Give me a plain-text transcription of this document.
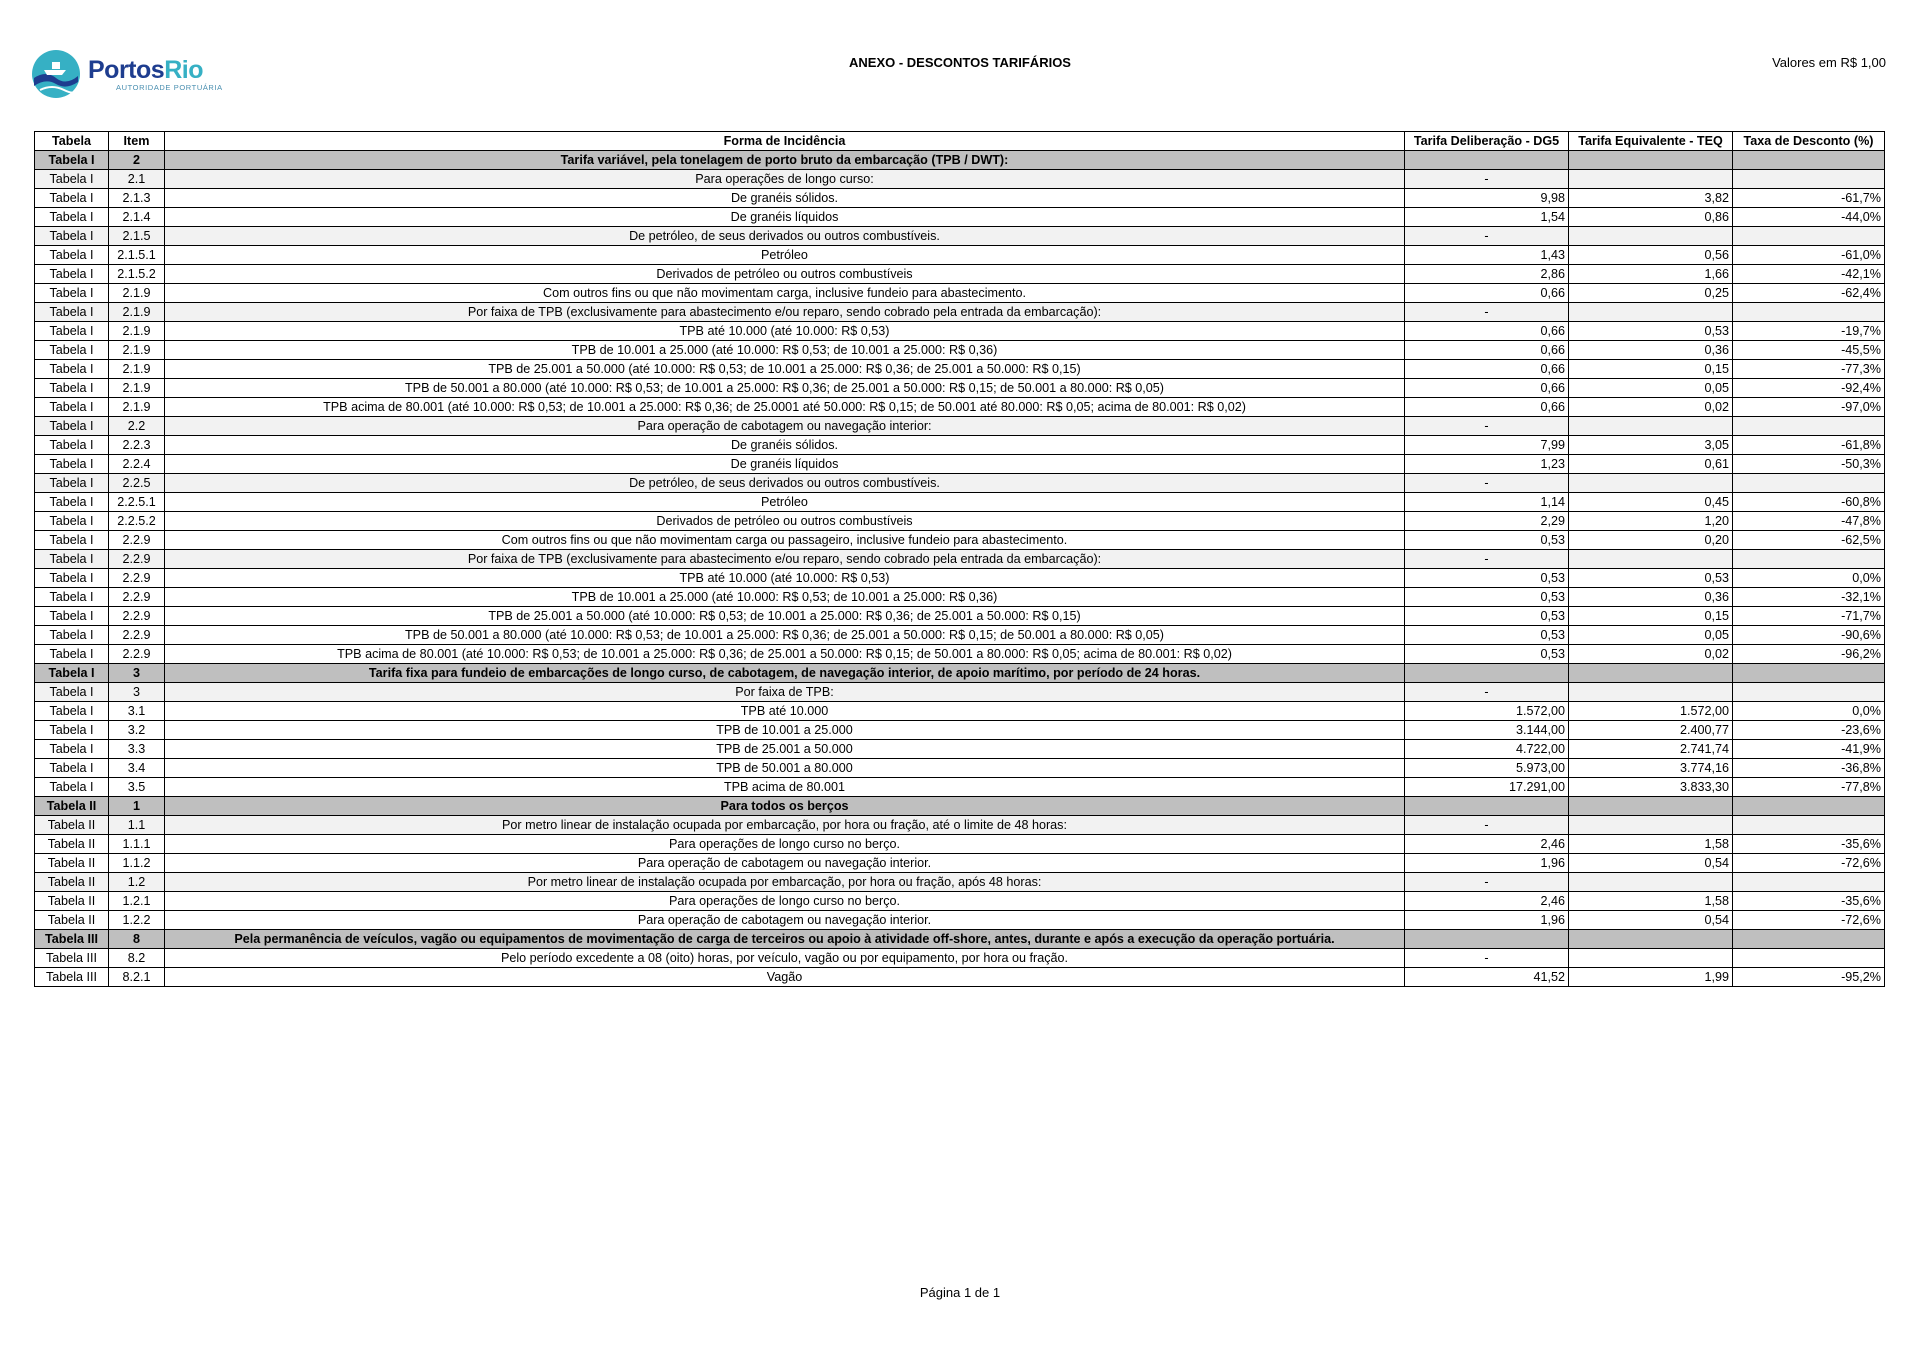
PortosRio
AUTORIDADE PORTUÁRIA
ANEXO - DESCONTOS TARIFÁRIOS	Valores em R$ 1,00
Tabela	Item	Forma de Incidência	Tarifa Deliberação - DG5	Tarifa Equivalente - TEQ	Taxa de Desconto (%)
Tabela I	2	Tarifa variável, pela tonelagem de porto bruto da embarcação (TPB / DWT):			
Tabela I	2.1	Para operações de longo curso:	-		
Tabela I	2.1.3	De granéis sólidos.	9,98	3,82	-61,7%
Tabela I	2.1.4	De granéis líquidos	1,54	0,86	-44,0%
Tabela I	2.1.5	De petróleo, de seus derivados ou outros combustíveis.	-		
Tabela I	2.1.5.1	Petróleo	1,43	0,56	-61,0%
Tabela I	2.1.5.2	Derivados de petróleo ou outros combustíveis	2,86	1,66	-42,1%
Tabela I	2.1.9	Com outros fins ou que não movimentam carga, inclusive fundeio para abastecimento.	0,66	0,25	-62,4%
Tabela I	2.1.9	Por faixa de TPB (exclusivamente para abastecimento e/ou reparo, sendo cobrado pela entrada da embarcação):	-		
Tabela I	2.1.9	TPB até 10.000 (até 10.000: R$ 0,53)	0,66	0,53	-19,7%
Tabela I	2.1.9	TPB de 10.001 a 25.000 (até 10.000: R$ 0,53; de 10.001 a 25.000: R$ 0,36)	0,66	0,36	-45,5%
Tabela I	2.1.9	TPB de 25.001 a 50.000 (até 10.000: R$ 0,53; de 10.001 a 25.000: R$ 0,36; de 25.001 a 50.000: R$ 0,15)	0,66	0,15	-77,3%
Tabela I	2.1.9	TPB de 50.001 a 80.000 (até 10.000: R$ 0,53; de 10.001 a 25.000: R$ 0,36; de 25.001 a 50.000: R$ 0,15; de 50.001 a 80.000: R$ 0,05)	0,66	0,05	-92,4%
Tabela I	2.1.9	TPB acima de 80.001 (até 10.000: R$ 0,53; de 10.001 a 25.000: R$ 0,36; de 25.0001 até 50.000: R$ 0,15; de 50.001 até 80.000: R$ 0,05; acima de 80.001: R$ 0,02)	0,66	0,02	-97,0%
Tabela I	2.2	Para operação de cabotagem ou navegação interior:	-		
Tabela I	2.2.3	De granéis sólidos.	7,99	3,05	-61,8%
Tabela I	2.2.4	De granéis líquidos	1,23	0,61	-50,3%
Tabela I	2.2.5	De petróleo, de seus derivados ou outros combustíveis.	-		
Tabela I	2.2.5.1	Petróleo	1,14	0,45	-60,8%
Tabela I	2.2.5.2	Derivados de petróleo ou outros combustíveis	2,29	1,20	-47,8%
Tabela I	2.2.9	Com outros fins ou que não movimentam carga ou passageiro, inclusive fundeio para abastecimento.	0,53	0,20	-62,5%
Tabela I	2.2.9	Por faixa de TPB (exclusivamente para abastecimento e/ou reparo, sendo cobrado pela entrada da embarcação):	-		
Tabela I	2.2.9	TPB até 10.000 (até 10.000: R$ 0,53)	0,53	0,53	0,0%
Tabela I	2.2.9	TPB de 10.001 a 25.000 (até 10.000: R$ 0,53; de 10.001 a 25.000: R$ 0,36)	0,53	0,36	-32,1%
Tabela I	2.2.9	TPB de 25.001 a 50.000 (até 10.000: R$ 0,53; de 10.001 a 25.000: R$ 0,36; de 25.001 a 50.000: R$ 0,15)	0,53	0,15	-71,7%
Tabela I	2.2.9	TPB de 50.001 a 80.000 (até 10.000: R$ 0,53; de 10.001 a 25.000: R$ 0,36; de 25.001 a 50.000: R$ 0,15; de 50.001 a 80.000: R$ 0,05)	0,53	0,05	-90,6%
Tabela I	2.2.9	TPB acima de 80.001 (até 10.000: R$ 0,53; de 10.001 a 25.000: R$ 0,36; de 25.001 a 50.000: R$ 0,15; de 50.001 a 80.000: R$ 0,05; acima de 80.001: R$ 0,02)	0,53	0,02	-96,2%
Tabela I	3	Tarifa fixa para fundeio de embarcações de longo curso, de cabotagem, de navegação interior, de apoio marítimo, por período de 24 horas.			
Tabela I	3	Por faixa de TPB:	-		
Tabela I	3.1	TPB até 10.000	1.572,00	1.572,00	0,0%
Tabela I	3.2	TPB de 10.001 a 25.000	3.144,00	2.400,77	-23,6%
Tabela I	3.3	TPB de 25.001 a 50.000	4.722,00	2.741,74	-41,9%
Tabela I	3.4	TPB de 50.001 a 80.000	5.973,00	3.774,16	-36,8%
Tabela I	3.5	TPB acima de 80.001	17.291,00	3.833,30	-77,8%
Tabela II	1	Para todos os berços			
Tabela II	1.1	Por metro linear de instalação ocupada por embarcação, por hora ou fração, até o limite de 48 horas:	-		
Tabela II	1.1.1	Para operações de longo curso no berço.	2,46	1,58	-35,6%
Tabela II	1.1.2	Para operação de cabotagem ou navegação interior.	1,96	0,54	-72,6%
Tabela II	1.2	Por metro linear de instalação ocupada por embarcação, por hora ou fração, após 48 horas:	-		
Tabela II	1.2.1	Para operações de longo curso no berço.	2,46	1,58	-35,6%
Tabela II	1.2.2	Para operação de cabotagem ou navegação interior.	1,96	0,54	-72,6%
Tabela III	8	Pela permanência de veículos, vagão ou equipamentos de movimentação de carga de terceiros ou apoio à atividade off-shore, antes, durante e após a execução da operação portuária.			
Tabela III	8.2	Pelo período excedente a 08 (oito) horas, por veículo, vagão ou por equipamento, por hora ou fração.	-		
Tabela III	8.2.1	Vagão	41,52	1,99	-95,2%
Página 1 de 1
